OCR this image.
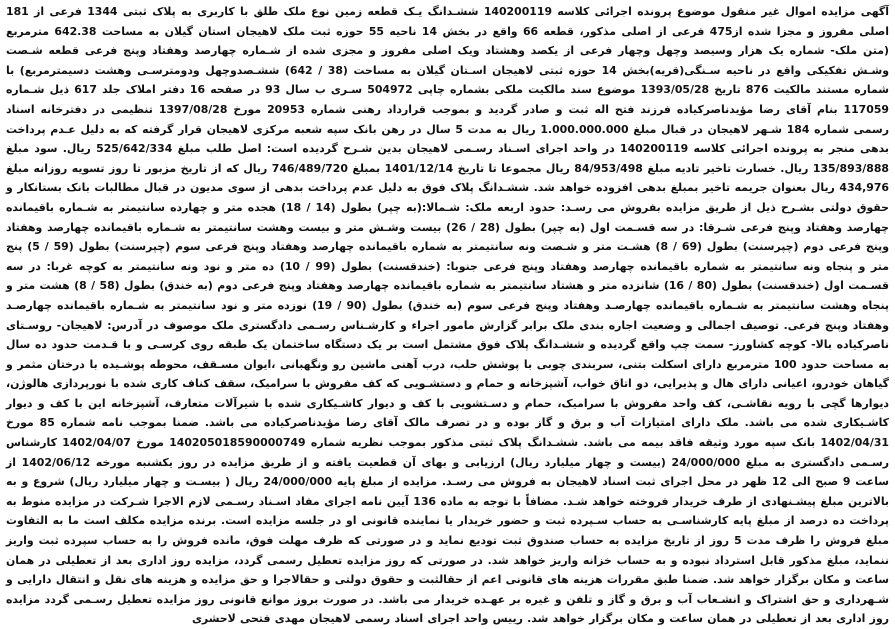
آگهی مزایده اموال غیر منقول موضوع پرونده اجرائی کلاسه 140200119 ششـدانگ یـک قطعه زمین نوع ملک طلق با کاربری به پلاک ثبتی 1344 فرعی از 181 اصلی مفروز و مجزا شده از475 فرعی از اصلی مذکور، قطعه 66 واقع در بخش 14 ناحیه 55 حوزه ثبت ملک لاهیجان استان گیلان به مساحت 642.38 مترمربع (متن ملک- شماره یک هزار وسیصد وچهل وچهار فرعی از یکصد وهشتاد ویک اصلی مفروز و مجزی شده از شـماره چهارصد وهفتاد وپنج فرعی قطعه شـصت وشـش تفکیکی واقع در ناحیه سـنگی(قریه)بخش 14 حوزه ثبتی لاهیجان اسـتان گیلان به مساحت (38 / 642) ششـصدوچهل ودومترسـی وهشت دسیمترمربع) با شماره مستند مالکیت 876 تاریخ 1393/05/28 موضوع سند مالکیت ملکی بشماره چاپی 504972 سـری ب سال 93 در صفحه 16 دفتر املاک جلد 617 ذیل شـماره 117059 بنام آقای رضا مؤیدناصرکیاده فرزند فتح اله ثبت و صادر گردید و بموجب قرارداد رهنی شماره 20953 مورخ 1397/08/28 تنظیمی در دفترخانه اسناد رسمی شماره 184 شـهر لاهیجان در قبال مبلغ 1.000.000.000 ریال به مدت 5 سال در رهن بانک سپه شعبه مرکزی لاهیجان قرار گرفته که به دلیل عـدم پرداخت بدهی منجر به پرونده اجرائی کلاسه 140200119 در واحد اجرای اسـناد رسـمی لاهیجان بدین شـرح گردیده است: اصل طلب مبلغ 525/642/334 ریال. سود مبلغ 135/893/888 ریال. خسارت تاخیر تادیه مبلغ 84/953/498 ریال مجموعا تا تاریخ 1401/12/14 بمبلغ 746/489/720 ریال که از تاریخ مزبور تا روز تسویه روزانه مبلغ 434,976 ریال بعنوان جریمه تاخیر بمبلغ بدهی افزوده خواهد شد. ششـدانگ پلاک فوق به دلیل عدم پرداخت بدهی از سوی مدیون در قبال مطالبات بانک بستانکار و حقوق دولتی بشـرح ذیل از طریق مزایده بفروش می رسـد: حدود اربعه ملک: شـمالا:(به چپر) بطول (14 / 18) هجده متر و چهارده سانتیمتر به شـماره باقیمانده چهارصد وهفتاد وپنج فرعی شـرقا: در سه قسـمت اول (به چپر) بطول (28 / 26) بیست وشـش متر و بیست وهشت سانتیمتر به شـماره باقیمانده چهارصد وهفتاد وپنج فرعی دوم (چپرسنت) بطول (69 / 8) هشـت متر و شـصت ونه سانتیمتر به شماره باقیمانده چهارصد وهفتاد وپنج فرعی سوم (چپرسنت) بطول (59 / 5) پنج متر و پنجاه ونه سانتیمتر به شماره باقیمانده چهارصد وهفتاد وپنج فرعی جنوبا: (خندقسنت) بطول (99 / 10) ده متر و نود ونه سانتیمتر به کوچه غربا: در سه قسـمت اول (خندقسنت) بطول (80 / 16) شانزده متر و هشتاد سانتیمتر به شماره باقیمانده چهارصد وهفتاد وپنج فرعی دوم (به خندق) بطول (58 / 8) هشت متر و پنجاه وهشت سانتیمتر به شـماره باقیمانده چهارصـد وهفتاد وپنج فرعی سوم (به خندق) بطول (90 / 19) نوزده متر و نود سانتیمتر به شـماره باقیمانده چهارصـد وهفتاد وپنج فرعی. توصیف اجمالی و وضعیت اجاره بندی ملک برابر گزارش مامور اجراء و کارشـناس رسـمی دادگستری ملک موصوف در آدرس: لاهیجان- روسـتای ناصرکیاده بالا- کوچه کشاورز- سمت چپ واقع گردیده و ششـدانگ پلاک فوق مشتمل است بر یک دستگاه ساختمان یک طبقه روی کرسـی و با قـدمت حدود ده سال به مساحت حدود 100 مترمربع دارای اسکلت بتنی، سربندی چوبی با پوشش حلب، درب آهنی ماشین رو ونگهبانی ،ایوان مسـقف، محوطه پوشـیده با درختان مثمر و گیاهان خودرو، اعیانی دارای هال و پذیرایی، دو اتاق خواب، آشپزخانه و حمام و دستشـویی که کف مفروش با سرامیک، سقف کناف کاری شده با نورپردازی هالوژن، دیوارها گچی با رویه نقاشـی، کف واحد مفروش با سرامیک، حمام و دسـتشویی با کف و دیوار کاشـیکاری شده با شیرآلات متعارف، آشپزخانه این با کف و دیوار کاشـیکاری شده می باشد. ملک دارای امتیازات آب و برق و گاز بوده و در تصرف مالک آقای رضا مؤیدناصرکیاده می باشد. ضمنا بموجب نامه شماره 85 مورخ 1402/04/31 بانک سپه مورد وثیقه فاقد بیمه می باشد. ششـدانگ پلاک ثبتی مذکور بموجب نظریه شماره 140205018590000749 مورخ 1402/04/07 کارشناس رسـمی دادگستری به مبلغ 24/000/000 (بیست و چهار میلیارد ریال) ارزیابی و بهای آن قطعیت یافته و از طریق مزایده در روز یکشنبه مورخه 1402/06/12 از ساعت 9 صبح الی 12 ظهر در محل اجرای ثبت اسناد لاهیجان به فروش می رسـد. مزایده از مبلغ پایه 24/000/000 ریال ( بیسـت و چهار میلیارد ریال) شروع و به بالاترین مبلغ پیشـنهادی از طرف خریدار فروخته خواهد شـد. مضافاً با توجه به ماده 136 آیین نامه اجرای مفاد اسـناد رسـمی لازم الاجرا شـرکت در مزایده منوط به پرداخت ده درصد از مبلغ پایه کارشناسـی به حساب سـپرده ثبت و حضور خریدار یا نماینده قانونی او در جلسه مزایده است. برنده مزایده مکلف است ما به التفاوت مبلغ فروش را ظرف مدت 5 روز از تاریخ مزایده به حساب صندوق ثبت تودیع نماید و در صورتی که ظرف مهلت فوق، مانده فروش را به حساب سپرده ثبت واریز ننماید، مبلغ مذکور قابل استرداد نبوده و به حساب خزانه واریز خواهد شد. در صورتی که روز مزایده تعطیل رسمی گردد، مزایده روز اداری بعد از تعطیلی در همان ساعت و مکان برگزار خواهد شد. ضمنا طبق مقررات هزینه های قانونی اعم از حقالثبت و حقوق دولتی و حقالاجرا و حق مزایده و هزینه های نقل و انتقال دارایی و شـهرداری و حق اشتراک و انشـعاب آب و برق و گاز و تلفن و غیره بر عهـده خریدار می باشد. در صورت بروز موانع قانونی روز مزایده تعطیل رسـمی گردد مزایده روز اداری بعد از تعطیلی در همان ساعت و مکان برگزار خواهد شد. رییس واحد اجرای اسناد رسمی لاهیجان مهدی فتحی لاحشری
